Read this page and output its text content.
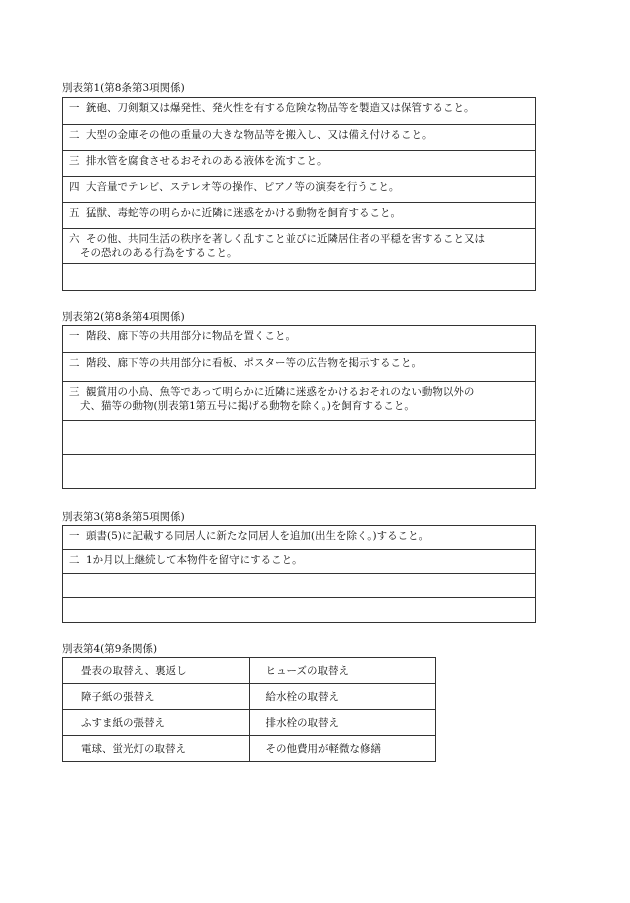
別表第1(第8条第3項関係)
一 銃砲、刀剣類又は爆発性、発火性を有する危険な物品等を製造又は保管すること。
二 大型の金庫その他の重量の大きな物品等を搬入し、又は備え付けること。
三 排水管を腐食させるおそれのある液体を流すこと。
四 大音量でテレビ、ステレオ等の操作、ピアノ等の演奏を行うこと。
五 猛獣、毒蛇等の明らかに近隣に迷惑をかける動物を飼育すること。
六 その他、共同生活の秩序を著しく乱すこと並びに近隣居住者の平穏を害すること又は
その恐れのある行為をすること。
別表第2(第8条第4項関係)
一 階段、廊下等の共用部分に物品を置くこと。
二 階段、廊下等の共用部分に看板、ポスター等の広告物を掲示すること。
三 観賞用の小鳥、魚等であって明らかに近隣に迷惑をかけるおそれのない動物以外の
犬、猫等の動物(別表第1第五号に掲げる動物を除く。)を飼育すること。
別表第3(第8条第5項関係)
一 頭書(5)に記載する同居人に新たな同居人を追加(出生を除く。)すること。
二 1か月以上継続して本物件を留守にすること。
別表第4(第9条関係)
畳表の取替え、裏返し	ヒューズの取替え
障子紙の張替え	給水栓の取替え
ふすま紙の張替え	排水栓の取替え
電球、蛍光灯の取替え	その他費用が軽微な修繕
